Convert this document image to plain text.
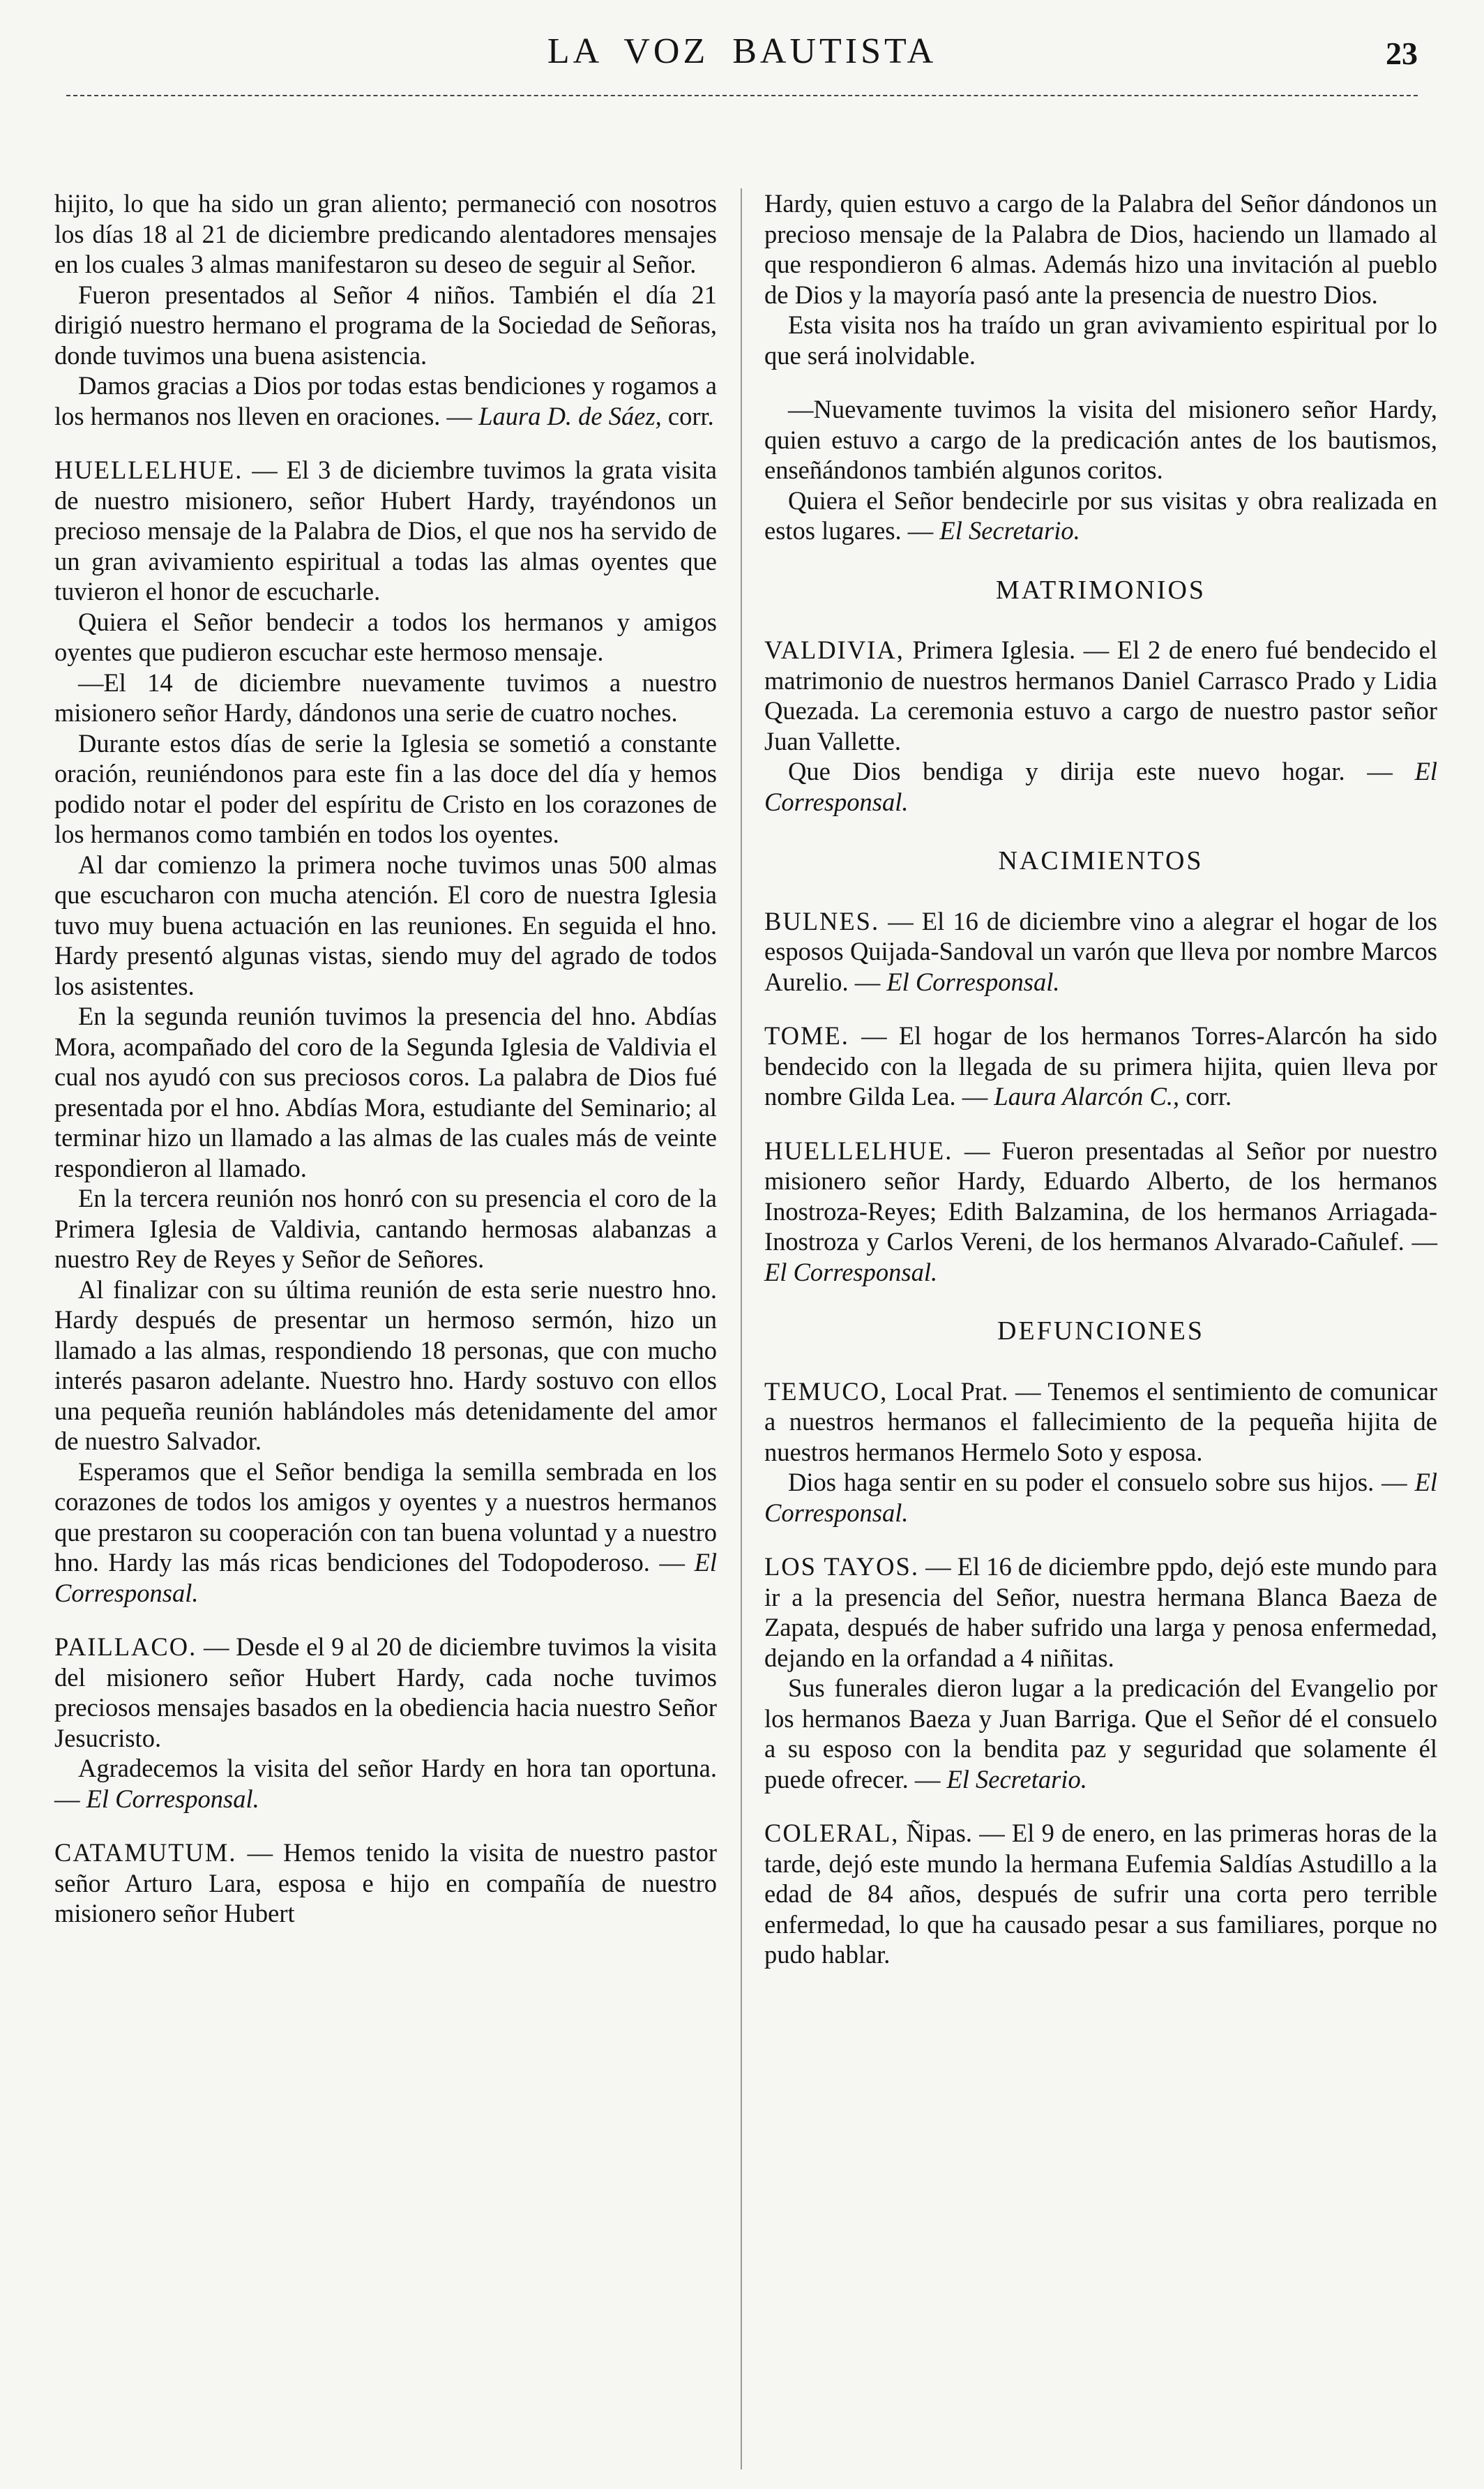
LA VOZ BAUTISTA	23

hijito, lo que ha sido un gran aliento; permaneció con nosotros los días 18 al 21 de diciembre predicando alentadores mensajes en los cuales 3 almas manifestaron su deseo de seguir al Señor.

Fueron presentados al Señor 4 niños. También el día 21 dirigió nuestro hermano el programa de la Sociedad de Señoras, donde tuvimos una buena asistencia.

Damos gracias a Dios por todas estas bendiciones y rogamos a los hermanos nos lleven en oraciones. — Laura D. de Sáez, corr.

HUELLELHUE. — El 3 de diciembre tuvimos la grata visita de nuestro misionero, señor Hubert Hardy, trayéndonos un precioso mensaje de la Palabra de Dios, el que nos ha servido de un gran avivamiento espiritual a todas las almas oyentes que tuvieron el honor de escucharle.

Quiera el Señor bendecir a todos los hermanos y amigos oyentes que pudieron escuchar este hermoso mensaje.

—El 14 de diciembre nuevamente tuvimos a nuestro misionero señor Hardy, dándonos una serie de cuatro noches.

Durante estos días de serie la Iglesia se sometió a constante oración, reuniéndonos para este fin a las doce del día y hemos podido notar el poder del espíritu de Cristo en los corazones de los hermanos como también en todos los oyentes.

Al dar comienzo la primera noche tuvimos unas 500 almas que escucharon con mucha atención. El coro de nuestra Iglesia tuvo muy buena actuación en las reuniones. En seguida el hno. Hardy presentó algunas vistas, siendo muy del agrado de todos los asistentes.

En la segunda reunión tuvimos la presencia del hno. Abdías Mora, acompañado del coro de la Segunda Iglesia de Valdivia el cual nos ayudó con sus preciosos coros. La palabra de Dios fué presentada por el hno. Abdías Mora, estudiante del Seminario; al terminar hizo un llamado a las almas de las cuales más de veinte respondieron al llamado.

En la tercera reunión nos honró con su presencia el coro de la Primera Iglesia de Valdivia, cantando hermosas alabanzas a nuestro Rey de Reyes y Señor de Señores.

Al finalizar con su última reunión de esta serie nuestro hno. Hardy después de presentar un hermoso sermón, hizo un llamado a las almas, respondiendo 18 personas, que con mucho interés pasaron adelante. Nuestro hno. Hardy sostuvo con ellos una pequeña reunión hablándoles más detenidamente del amor de nuestro Salvador.

Esperamos que el Señor bendiga la semilla sembrada en los corazones de todos los amigos y oyentes y a nuestros hermanos que prestaron su cooperación con tan buena voluntad y a nuestro hno. Hardy las más ricas bendiciones del Todopoderoso. — El Corresponsal.

PAILLACO. — Desde el 9 al 20 de diciembre tuvimos la visita del misionero señor Hubert Hardy, cada noche tuvimos preciosos mensajes basados en la obediencia hacia nuestro Señor Jesucristo.

Agradecemos la visita del señor Hardy en hora tan oportuna. — El Corresponsal.

CATAMUTUM. — Hemos tenido la visita de nuestro pastor señor Arturo Lara, esposa e hijo en compañía de nuestro misionero señor Hubert

Hardy, quien estuvo a cargo de la Palabra del Señor dándonos un precioso mensaje de la Palabra de Dios, haciendo un llamado al que respondieron 6 almas. Además hizo una invitación al pueblo de Dios y la mayoría pasó ante la presencia de nuestro Dios.

Esta visita nos ha traído un gran avivamiento espiritual por lo que será inolvidable.

—Nuevamente tuvimos la visita del misionero señor Hardy, quien estuvo a cargo de la predicación antes de los bautismos, enseñándonos también algunos coritos.

Quiera el Señor bendecirle por sus visitas y obra realizada en estos lugares. — El Secretario.

MATRIMONIOS

VALDIVIA, Primera Iglesia. — El 2 de enero fué bendecido el matrimonio de nuestros hermanos Daniel Carrasco Prado y Lidia Quezada. La ceremonia estuvo a cargo de nuestro pastor señor Juan Vallette.

Que Dios bendiga y dirija este nuevo hogar. — El Corresponsal.

NACIMIENTOS

BULNES. — El 16 de diciembre vino a alegrar el hogar de los esposos Quijada-Sandoval un varón que lleva por nombre Marcos Aurelio. — El Corresponsal.

TOME. — El hogar de los hermanos Torres-Alarcón ha sido bendecido con la llegada de su primera hijita, quien lleva por nombre Gilda Lea. — Laura Alarcón C., corr.

HUELLELHUE. — Fueron presentadas al Señor por nuestro misionero señor Hardy, Eduardo Alberto, de los hermanos Inostroza-Reyes; Edith Balzamina, de los hermanos Arriagada-Inostroza y Carlos Vereni, de los hermanos Alvarado-Cañulef. — El Corresponsal.

DEFUNCIONES

TEMUCO, Local Prat. — Tenemos el sentimiento de comunicar a nuestros hermanos el fallecimiento de la pequeña hijita de nuestros hermanos Hermelo Soto y esposa.

Dios haga sentir en su poder el consuelo sobre sus hijos. — El Corresponsal.

LOS TAYOS. — El 16 de diciembre ppdo, dejó este mundo para ir a la presencia del Señor, nuestra hermana Blanca Baeza de Zapata, después de haber sufrido una larga y penosa enfermedad, dejando en la orfandad a 4 niñitas.

Sus funerales dieron lugar a la predicación del Evangelio por los hermanos Baeza y Juan Barriga. Que el Señor dé el consuelo a su esposo con la bendita paz y seguridad que solamente él puede ofrecer. — El Secretario.

COLERAL, Ñipas. — El 9 de enero, en las primeras horas de la tarde, dejó este mundo la hermana Eufemia Saldías Astudillo a la edad de 84 años, después de sufrir una corta pero terrible enfermedad, lo que ha causado pesar a sus familiares, porque no pudo hablar.
